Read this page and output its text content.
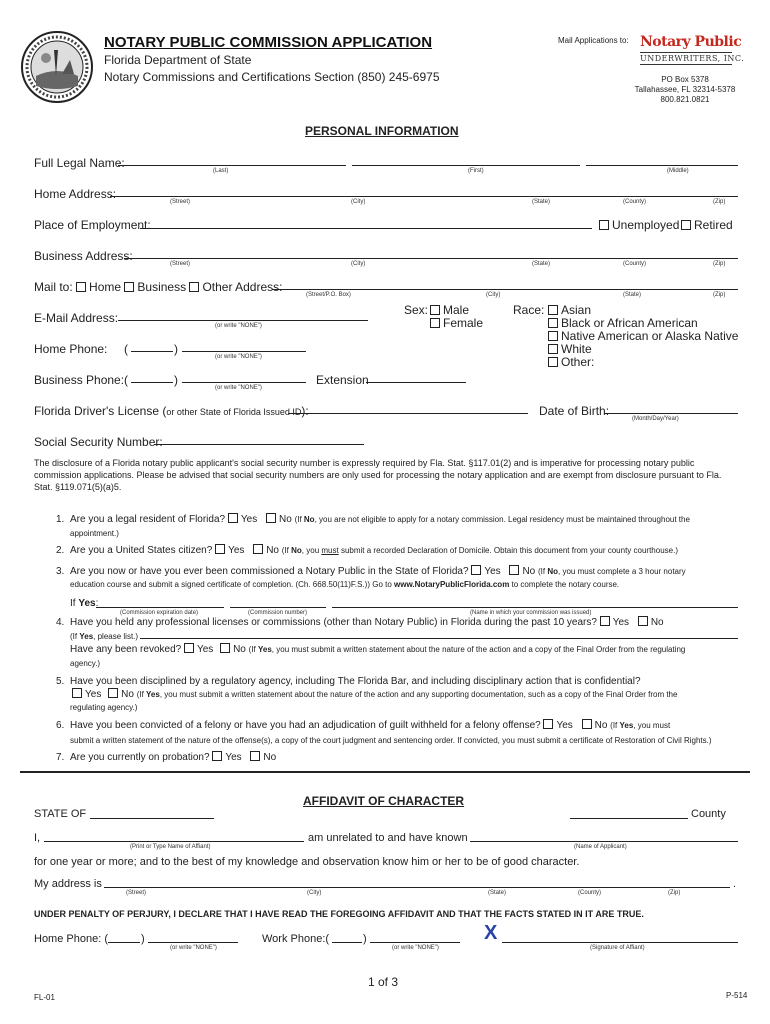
NOTARY PUBLIC COMMISSION APPLICATION
Florida Department of State
Notary Commissions and Certifications Section (850) 245-6975
Mail Applications to: Notary Public
UNDERWRITERS, INC.
PO Box 5378
Tallahassee, FL 32314-5378
800.821.0821
PERSONAL INFORMATION
Full Legal Name:
(Last)	(First)	(Middle)
Home Address:
(Street)	(City)	(State)	(County)	(Zip)
Place of Employment:	Unemployed	Retired
Business Address:
(Street)	(City)	(State)	(County)	(Zip)
Mail to: Home Business Other Address:
(Street/P.O. Box)	(City)	(State)	(Zip)
E-Mail Address:
(or write "NONE")
Sex:	Male
Female
Race:	Asian
Black or African American
Native American or Alaska Native
White
Other:
Home Phone: (	)
(or write "NONE")
Business Phone: (	)
(or write "NONE")
Extension
Florida Driver's License (or other State of Florida Issued ID):	Date of Birth:
(Month/Day/Year)
Social Security Number:
The disclosure of a Florida notary public applicant's social security number is expressly required by Fla. Stat. §117.01(2) and is imperative for processing notary public commission applications. Please be advised that social security numbers are only used for processing the notary application and are exempt from disclosure pursuant to Fla. Stat. §119.071(5)(a)5.
1. Are you a legal resident of Florida? Yes No (If No, you are not eligible to apply for a notary commission. Legal residency must be maintained throughout the
appointment.)
2. Are you a United States citizen? Yes No (If No, you must submit a recorded Declaration of Domicile. Obtain this document from your county courthouse.)
3. Are you now or have you ever been commissioned a Notary Public in the State of Florida? Yes No (If No, you must complete a 3 hour notary
education course and submit a signed certificate of completion. (Ch. 668.50(11)F.S.)) Go to www.NotaryPublicFlorida.com to complete the notary course.
If Yes:
(Commission expiration date)	(Commission number)	(Name in which your commission was issued)
4. Have you held any professional licenses or commissions (other than Notary Public) in Florida during the past 10 years? Yes No
(If Yes, please list.)
Have any been revoked? Yes No (If Yes, you must submit a written statement about the nature of the action and a copy of the Final Order from the regulating
agency.)
5. Have you been disciplined by a regulatory agency, including The Florida Bar, and including disciplinary action that is confidential?
Yes No (If Yes, you must submit a written statement about the nature of the action and any supporting documentation, such as a copy of the Final Order from the
regulating agency.)
6. Have you been convicted of a felony or have you had an adjudication of guilt withheld for a felony offense? Yes No (If Yes, you must
submit a written statement of the nature of the offense(s), a copy of the court judgment and sentencing order. If convicted, you must submit a certificate of Restoration of Civil Rights.)
7. Are you currently on probation? Yes No
AFFIDAVIT OF CHARACTER
STATE OF	County
I,
(Print or Type Name of Affiant)
am unrelated to and have known
(Name of Applicant)
for one year or more; and to the best of my knowledge and observation know him or her to be of good character.
My address is	.
(Street)	(City)	(State)	(County)	(Zip)
UNDER PENALTY OF PERJURY, I DECLARE THAT I HAVE READ THE FOREGOING AFFIDAVIT AND THAT THE FACTS STATED IN IT ARE TRUE.
Home Phone: (	)
(or write "NONE")
Work Phone:(	)
(or write "NONE")
X
(Signature of Affiant)
1 of 3
FL-01	P-514
